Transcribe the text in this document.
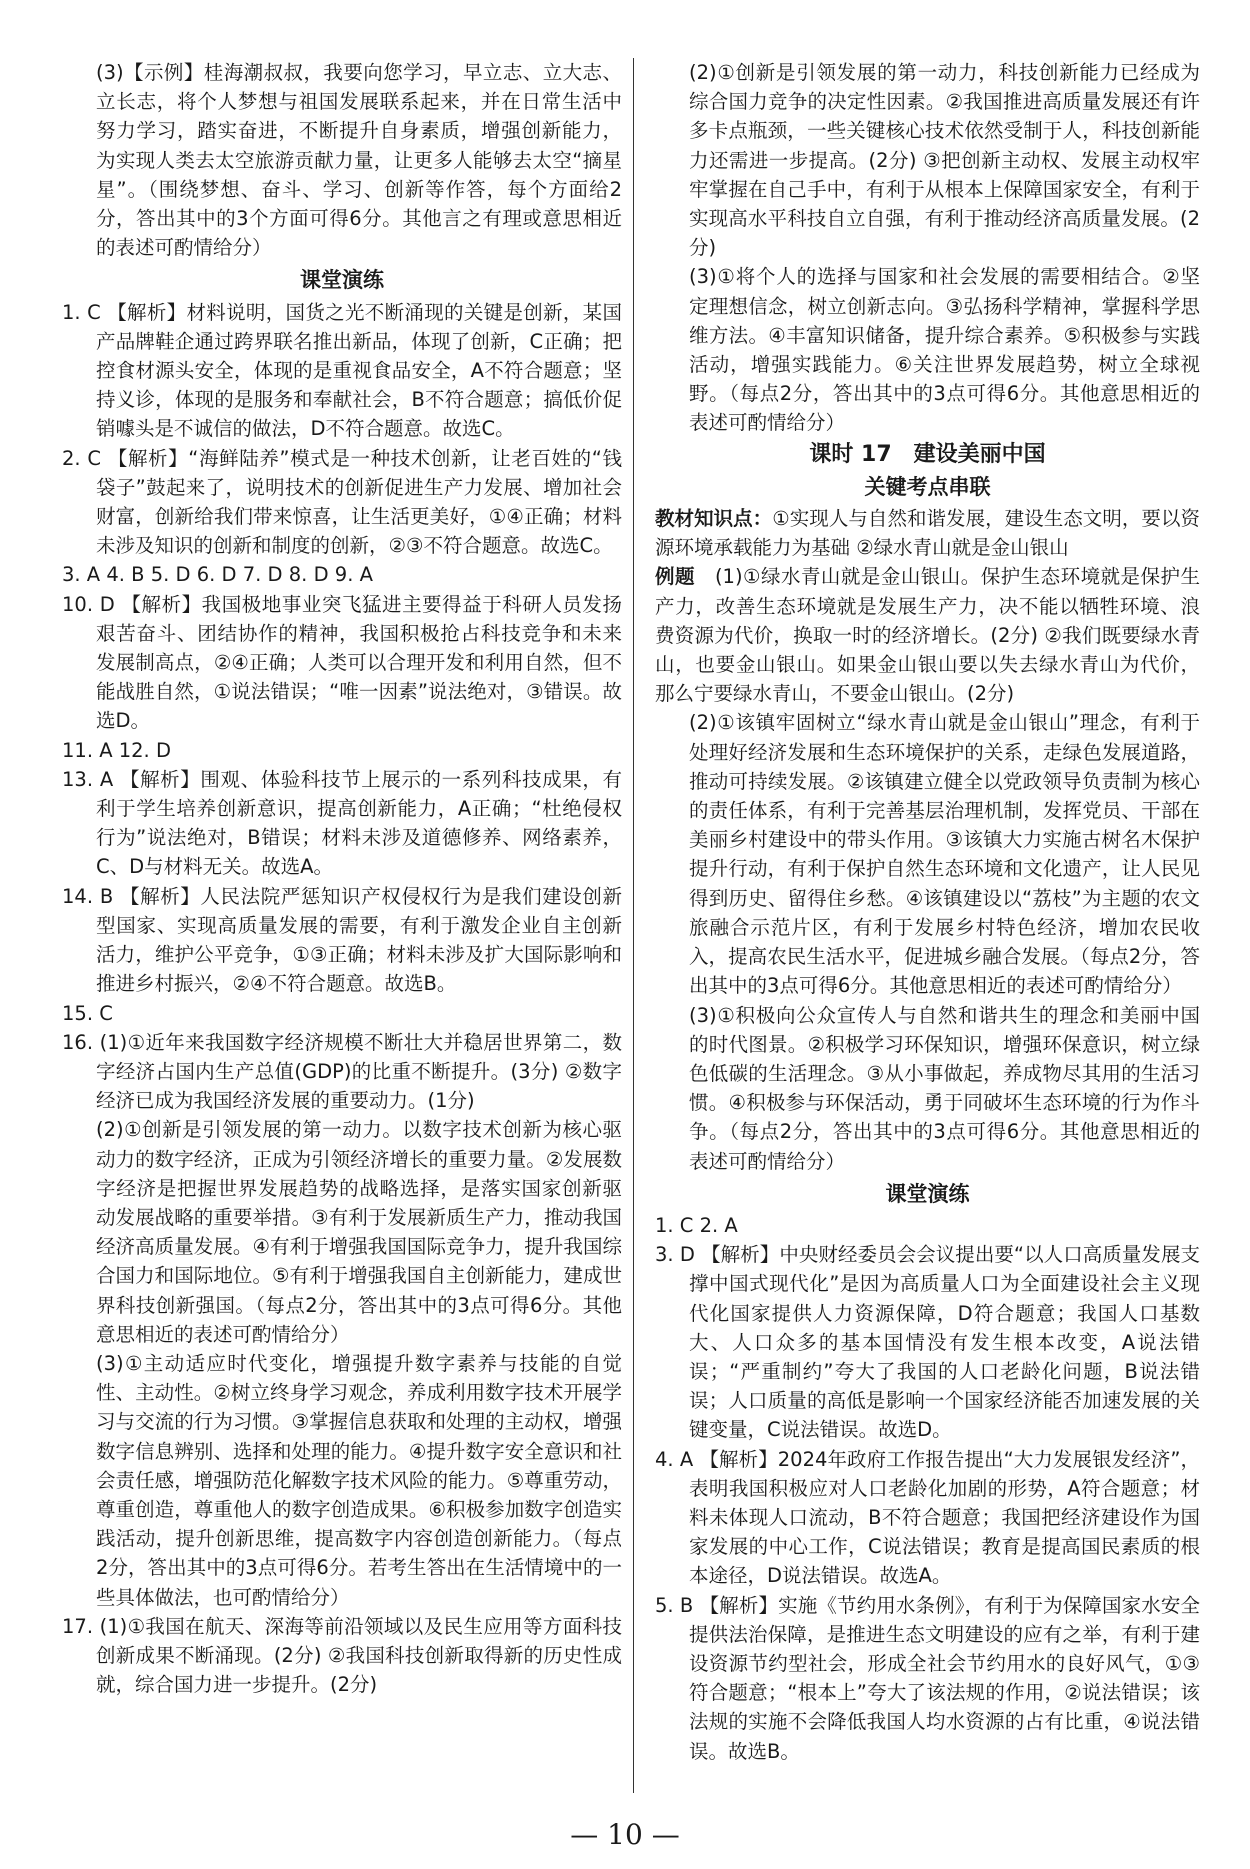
(3)【示例】桂海潮叔叔，我要向您学习，早立志、立大志、立长志，将个人梦想与祖国发展联系起来，并在日常生活中努力学习，踏实奋进，不断提升自身素质，增强创新能力，为实现人类去太空旅游贡献力量，让更多人能够去太空“摘星星”。（围绕梦想、奋斗、学习、创新等作答，每个方面给2分，答出其中的3个方面可得6分。其他言之有理或意思相近的表述可酌情给分）

课堂演练

1. C 【解析】材料说明，国货之光不断涌现的关键是创新，某国产品牌鞋企通过跨界联名推出新品，体现了创新，C正确；把控食材源头安全，体现的是重视食品安全，A不符合题意；坚持义诊，体现的是服务和奉献社会，B不符合题意；搞低价促销噱头是不诚信的做法，D不符合题意。故选C。

2. C 【解析】“海鲜陆养”模式是一种技术创新，让老百姓的“钱袋子”鼓起来了，说明技术的创新促进生产力发展、增加社会财富，创新给我们带来惊喜，让生活更美好，①④正确；材料未涉及知识的创新和制度的创新，②③不符合题意。故选C。

3. A 4. B 5. D 6. D 7. D 8. D 9. A

10. D 【解析】我国极地事业突飞猛进主要得益于科研人员发扬艰苦奋斗、团结协作的精神，我国积极抢占科技竞争和未来发展制高点，②④正确；人类可以合理开发和利用自然，但不能战胜自然，①说法错误；“唯一因素”说法绝对，③错误。故选D。

11. A 12. D

13. A 【解析】围观、体验科技节上展示的一系列科技成果，有利于学生培养创新意识，提高创新能力，A正确；“杜绝侵权行为”说法绝对，B错误；材料未涉及道德修养、网络素养，C、D与材料无关。故选A。

14. B 【解析】人民法院严惩知识产权侵权行为是我们建设创新型国家、实现高质量发展的需要，有利于激发企业自主创新活力，维护公平竞争，①③正确；材料未涉及扩大国际影响和推进乡村振兴，②④不符合题意。故选B。

15. C

16. (1)①近年来我国数字经济规模不断壮大并稳居世界第二，数字经济占国内生产总值(GDP)的比重不断提升。(3分) ②数字经济已成为我国经济发展的重要动力。(1分)

(2)①创新是引领发展的第一动力。以数字技术创新为核心驱动力的数字经济，正成为引领经济增长的重要力量。②发展数字经济是把握世界发展趋势的战略选择，是落实国家创新驱动发展战略的重要举措。③有利于发展新质生产力，推动我国经济高质量发展。④有利于增强我国国际竞争力，提升我国综合国力和国际地位。⑤有利于增强我国自主创新能力，建成世界科技创新强国。（每点2分，答出其中的3点可得6分。其他意思相近的表述可酌情给分）

(3)①主动适应时代变化，增强提升数字素养与技能的自觉性、主动性。②树立终身学习观念，养成利用数字技术开展学习与交流的行为习惯。③掌握信息获取和处理的主动权，增强数字信息辨别、选择和处理的能力。④提升数字安全意识和社会责任感，增强防范化解数字技术风险的能力。⑤尊重劳动，尊重创造，尊重他人的数字创造成果。⑥积极参加数字创造实践活动，提升创新思维，提高数字内容创造创新能力。（每点2分，答出其中的3点可得6分。若考生答出在生活情境中的一些具体做法，也可酌情给分）

17. (1)①我国在航天、深海等前沿领域以及民生应用等方面科技创新成果不断涌现。(2分) ②我国科技创新取得新的历史性成就，综合国力进一步提升。(2分)

(2)①创新是引领发展的第一动力，科技创新能力已经成为综合国力竞争的决定性因素。②我国推进高质量发展还有许多卡点瓶颈，一些关键核心技术依然受制于人，科技创新能力还需进一步提高。(2分) ③把创新主动权、发展主动权牢牢掌握在自己手中，有利于从根本上保障国家安全，有利于实现高水平科技自立自强，有利于推动经济高质量发展。(2分)

(3)①将个人的选择与国家和社会发展的需要相结合。②坚定理想信念，树立创新志向。③弘扬科学精神，掌握科学思维方法。④丰富知识储备，提升综合素养。⑤积极参与实践活动，增强实践能力。⑥关注世界发展趋势，树立全球视野。（每点2分，答出其中的3点可得6分。其他意思相近的表述可酌情给分）

课时 17　建设美丽中国

关键考点串联

教材知识点：①实现人与自然和谐发展，建设生态文明，要以资源环境承载能力为基础 ②绿水青山就是金山银山

例题　 (1)①绿水青山就是金山银山。保护生态环境就是保护生产力，改善生态环境就是发展生产力，决不能以牺牲环境、浪费资源为代价，换取一时的经济增长。(2分) ②我们既要绿水青山，也要金山银山。如果金山银山要以失去绿水青山为代价，那么宁要绿水青山，不要金山银山。(2分)

(2)①该镇牢固树立“绿水青山就是金山银山”理念，有利于处理好经济发展和生态环境保护的关系，走绿色发展道路，推动可持续发展。②该镇建立健全以党政领导负责制为核心的责任体系，有利于完善基层治理机制，发挥党员、干部在美丽乡村建设中的带头作用。③该镇大力实施古树名木保护提升行动，有利于保护自然生态环境和文化遗产，让人民见得到历史、留得住乡愁。④该镇建设以“荔枝”为主题的农文旅融合示范片区，有利于发展乡村特色经济，增加农民收入，提高农民生活水平，促进城乡融合发展。（每点2分，答出其中的3点可得6分。其他意思相近的表述可酌情给分）

(3)①积极向公众宣传人与自然和谐共生的理念和美丽中国的时代图景。②积极学习环保知识，增强环保意识，树立绿色低碳的生活理念。③从小事做起，养成物尽其用的生活习惯。④积极参与环保活动，勇于同破坏生态环境的行为作斗争。（每点2分，答出其中的3点可得6分。其他意思相近的表述可酌情给分）

课堂演练

1. C 2. A

3. D 【解析】中央财经委员会会议提出要“以人口高质量发展支撑中国式现代化”是因为高质量人口为全面建设社会主义现代化国家提供人力资源保障，D符合题意；我国人口基数大、人口众多的基本国情没有发生根本改变，A说法错误；“严重制约”夸大了我国的人口老龄化问题，B说法错误；人口质量的高低是影响一个国家经济能否加速发展的关键变量，C说法错误。故选D。

4. A 【解析】2024年政府工作报告提出“大力发展银发经济”，表明我国积极应对人口老龄化加剧的形势，A符合题意；材料未体现人口流动，B不符合题意；我国把经济建设作为国家发展的中心工作，C说法错误；教育是提高国民素质的根本途径，D说法错误。故选A。

5. B 【解析】实施《节约用水条例》，有利于为保障国家水安全提供法治保障，是推进生态文明建设的应有之举，有利于建设资源节约型社会，形成全社会节约用水的良好风气，①③符合题意；“根本上”夸大了该法规的作用，②说法错误；该法规的实施不会降低我国人均水资源的占有比重，④说法错误。故选B。

— 10 —
